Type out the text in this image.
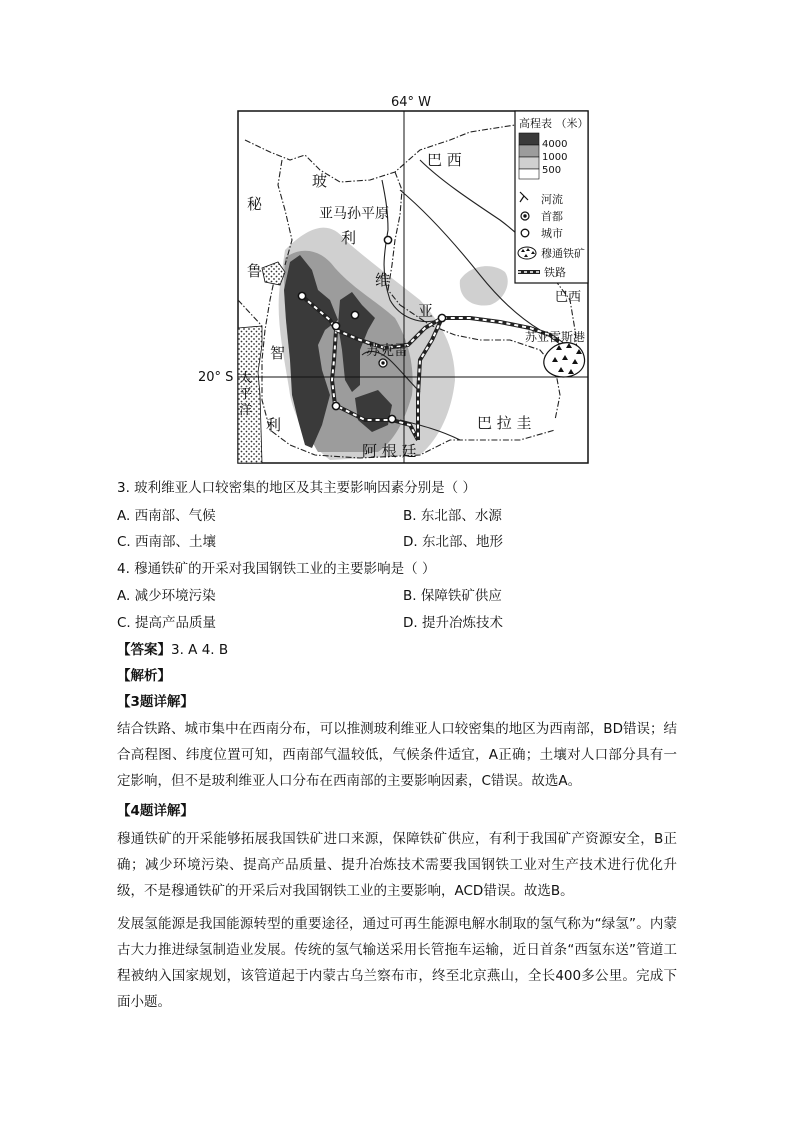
64° W
20° S
巴 西
巴西
玻
利
维
亚
秘
鲁
智
利	巴 拉 圭
阿 根 廷
太
平
洋
亚马孙平原
苏克雷
苏亚雷斯港
高程表 （米）
4000
1000
500
河流
首都
城市
穆通铁矿
铁路
3. 玻利维亚人口较密集的地区及其主要影响因素分别是（ ）
A. 西南部、气候	B. 东北部、水源
C. 西南部、土壤	D. 东北部、地形
4. 穆通铁矿的开采对我国钢铁工业的主要影响是（ ）
A. 减少环境污染	B. 保障铁矿供应
C. 提高产品质量	D. 提升冶炼技术
【答案】3. A 4. B
【解析】
【3题详解】
结合铁路、城市集中在西南分布，可以推测玻利维亚人口较密集的地区为西南部，BD错误；结合高程图、纬度位置可知，西南部气温较低，气候条件适宜，A正确；土壤对人口部分具有一定影响，但不是玻利维亚人口分布在西南部的主要影响因素，C错误。故选A。
【4题详解】
穆通铁矿的开采能够拓展我国铁矿进口来源，保障铁矿供应，有利于我国矿产资源安全，B正确；减少环境污染、提高产品质量、提升冶炼技术需要我国钢铁工业对生产技术进行优化升级，不是穆通铁矿的开采后对我国钢铁工业的主要影响，ACD错误。故选B。
发展氢能源是我国能源转型的重要途径，通过可再生能源电解水制取的氢气称为“绿氢”。内蒙古大力推进绿氢制造业发展。传统的氢气输送采用长管拖车运输，近日首条“西氢东送”管道工程被纳入国家规划，该管道起于内蒙古乌兰察布市，终至北京燕山，全长400多公里。完成下面小题。
